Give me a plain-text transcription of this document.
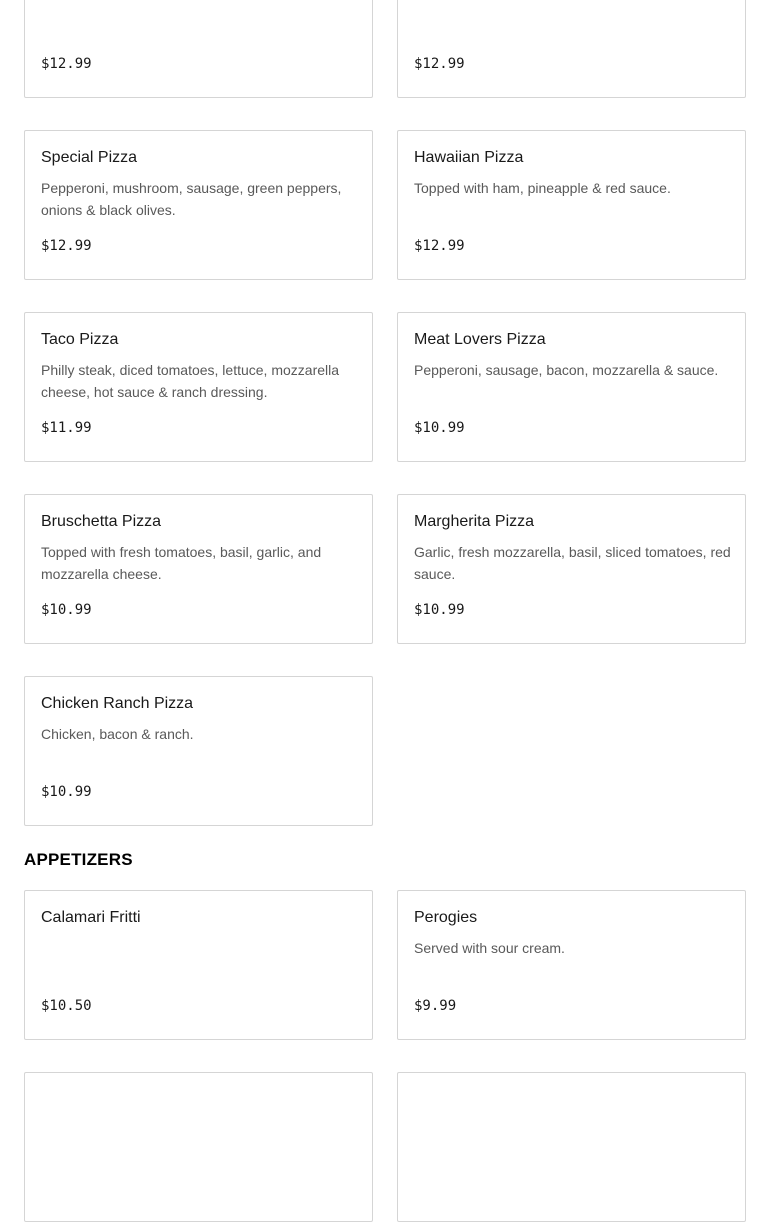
$12.99	$12.99
Special Pizza
Pepperoni, mushroom, sausage, green peppers, onions & black olives.
$12.99
Hawaiian Pizza
Topped with ham, pineapple & red sauce.
$12.99
Taco Pizza
Philly steak, diced tomatoes, lettuce, mozzarella cheese, hot sauce & ranch dressing.
$11.99
Meat Lovers Pizza
Pepperoni, sausage, bacon, mozzarella & sauce.
$10.99
Bruschetta Pizza
Topped with fresh tomatoes, basil, garlic, and mozzarella cheese.
$10.99
Margherita Pizza
Garlic, fresh mozzarella, basil, sliced tomatoes, red sauce.
$10.99
Chicken Ranch Pizza
Chicken, bacon & ranch.
$10.99
APPETIZERS
Calamari Fritti
$10.50
Perogies
Served with sour cream.
$9.99
